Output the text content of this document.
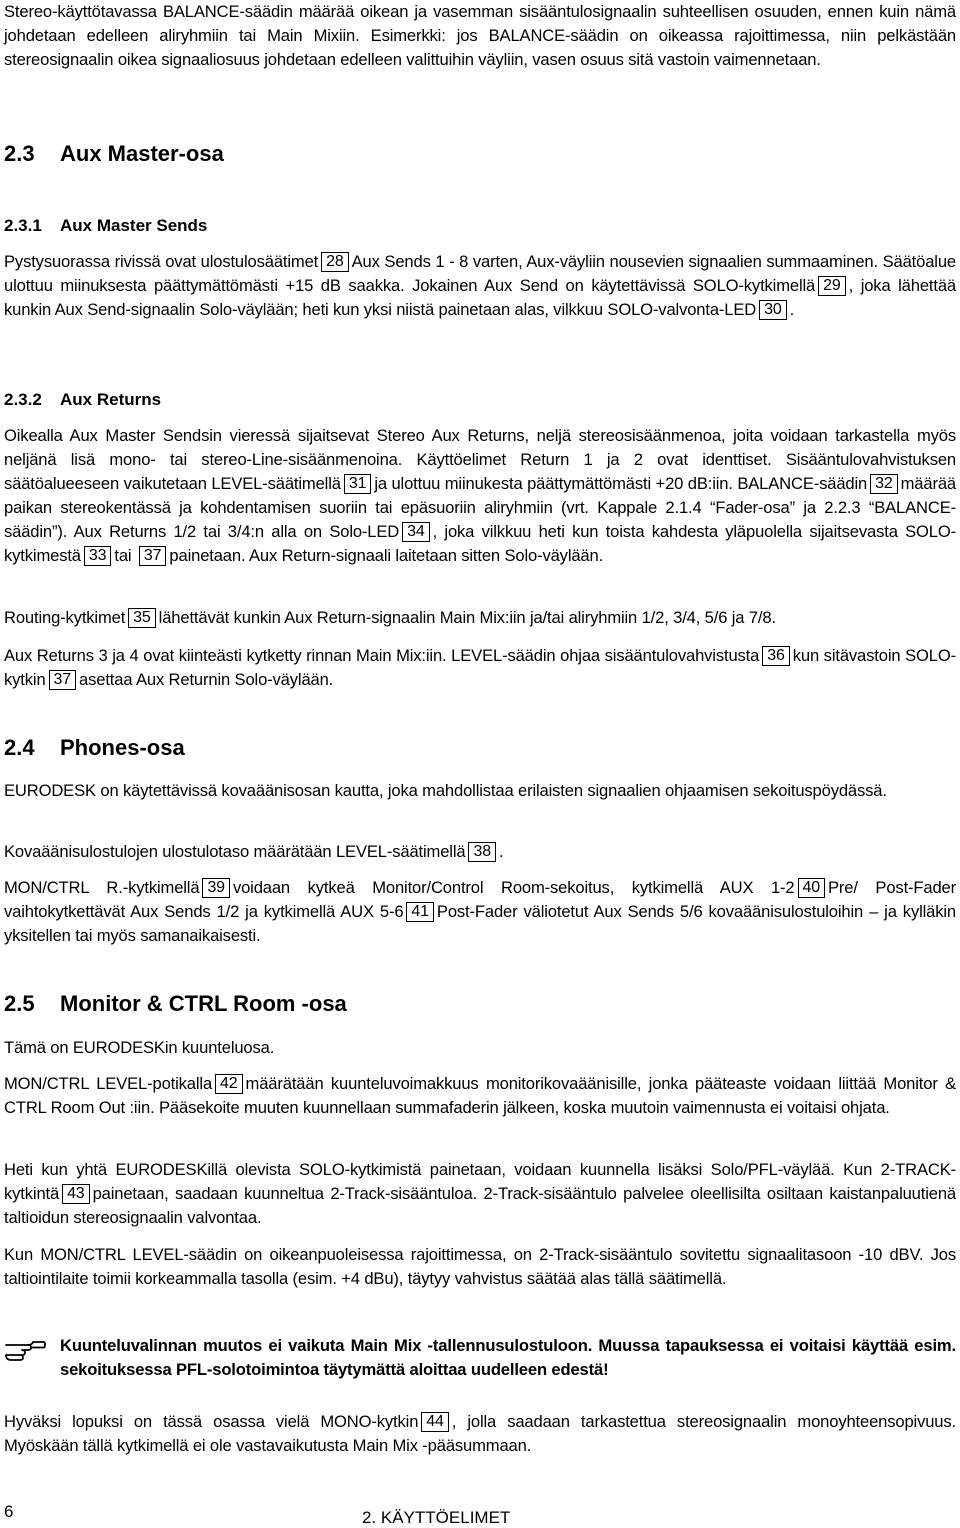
Stereo-käyttötavassa BALANCE-säädin määrää oikean ja vasemman sisääntulosignaalin suhteellisen osuuden, ennen kuin nämä johdetaan edelleen aliryhmiin tai Main Mixiin. Esimerkki: jos BALANCE-säädin on oikeassa rajoittimessa, niin pelkästään stereosignaalin oikea signaaliosuus johdetaan edelleen valittuihin väyliin, vasen osuus sitä vastoin vaimennetaan.

2.3 Aux Master-osa
2.3.1 Aux Master Sends

Pystysuorassa rivissä ovat ulostulosäätimet 28 Aux Sends 1 - 8 varten, Aux-väyliin nousevien signaalien summaaminen. Säätöalue ulottuu miinuksesta päättymättömästi +15 dB saakka. Jokainen Aux Send on käytettävissä SOLO-kytkimellä 29 , joka lähettää kunkin Aux Send-signaalin Solo-väylään; heti kun yksi niistä painetaan alas, vilkkuu SOLO-valvonta-LED 30 .

2.3.2 Aux Returns

Oikealla Aux Master Sendsin vieressä sijaitsevat Stereo Aux Returns, neljä stereosisäänmenoa, joita voidaan tarkastella myös neljänä lisä mono- tai stereo-Line-sisäänmenoina. Käyttöelimet Return 1 ja 2 ovat identtiset. Sisääntulovahvistuksen säätöalueeseen vaikutetaan LEVEL-säätimellä 31 ja ulottuu miinukesta päättymättömästi +20 dB:iin. BALANCE-säädin 32 määrää paikan stereokentässä ja kohdentamisen suoriin tai epäsuoriin aliryhmiin (vrt. Kappale 2.1.4 “Fader-osa” ja 2.2.3 “BALANCE-säädin”). Aux Returns 1/2 tai 3/4:n alla on Solo-LED 34 , joka vilkkuu heti kun toista kahdesta yläpuolella sijaitsevasta SOLO-kytkimestä 33 tai 37 painetaan. Aux Return-signaali laitetaan sitten Solo-väylään.

Routing-kytkimet 35 lähettävät kunkin Aux Return-signaalin Main Mix:iin ja/tai aliryhmiin 1/2, 3/4, 5/6 ja 7/8.

Aux Returns 3 ja 4 ovat kiinteästi kytketty rinnan Main Mix:iin. LEVEL-säädin ohjaa sisääntulovahvistusta 36 kun sitävastoin SOLO-kytkin 37 asettaa Aux Returnin Solo-väylään.

2.4 Phones-osa

EURODESK on käytettävissä kovaäänisosan kautta, joka mahdollistaa erilaisten signaalien ohjaamisen sekoituspöydässä.

Kovaäänisulostulojen ulostulotaso määrätään LEVEL-säätimellä 38 .

MON/CTRL R.-kytkimellä 39 voidaan kytkeä Monitor/Control Room-sekoitus, kytkimellä AUX 1-2 40 Pre/ Post-Fader vaihtokytkettävät Aux Sends 1/2 ja kytkimellä AUX 5-6 41 Post-Fader väliotetut Aux Sends 5/6 kovaäänisulostuloihin – ja kylläkin yksitellen tai myös samanaikaisesti.

2.5 Monitor & CTRL Room -osa

Tämä on EURODESKin kuunteluosa.

MON/CTRL LEVEL-potikalla 42 määrätään kuunteluvoimakkuus monitorikovaäänisille, jonka pääteaste voidaan liittää Monitor & CTRL Room Out :iin. Pääsekoite muuten kuunnellaan summafaderin jälkeen, koska muutoin vaimennusta ei voitaisi ohjata.

Heti kun yhtä EURODESKillä olevista SOLO-kytkimistä painetaan, voidaan kuunnella lisäksi Solo/PFL-väylää. Kun 2-TRACK-kytkintä 43 painetaan, saadaan kuunneltua 2-Track-sisääntuloa. 2-Track-sisääntulo palvelee oleellisilta osiltaan kaistanpaluutienä taltioidun stereosignaalin valvontaa.

Kun MON/CTRL LEVEL-säädin on oikeanpuoleisessa rajoittimessa, on 2-Track-sisääntulo sovitettu signaalitasoon -10 dBV. Jos taltiointilaite toimii korkeammalla tasolla (esim. +4 dBu), täytyy vahvistus säätää alas tällä säätimellä.

Kuunteluvalinnan muutos ei vaikuta Main Mix -tallennusulostuloon. Muussa tapauksessa ei voitaisi käyttää esim. sekoituksessa PFL-solotoimintoa täytymättä aloittaa uudelleen edestä!

Hyväksi lopuksi on tässä osassa vielä MONO-kytkin 44 , jolla saadaan tarkastettua stereosignaalin monoyhteensopivuus. Myöskään tällä kytkimellä ei ole vastavaikutusta Main Mix -pääsummaan.

6	2. KÄYTTÖELIMET
